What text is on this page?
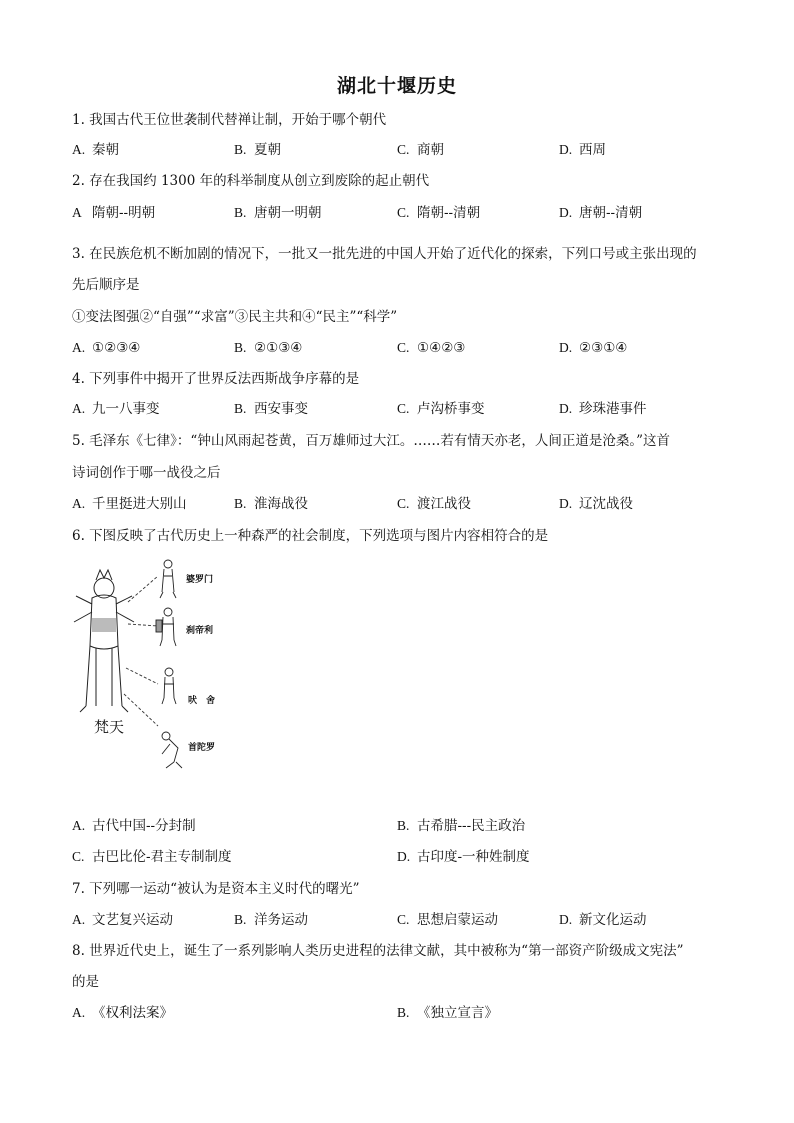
湖北十堰历史
1. 我国古代王位世袭制代替禅让制，开始于哪个朝代
A. 秦朝	B. 夏朝	C. 商朝	D. 西周
2. 存在我国约 1300 年的科举制度从创立到废除的起止朝代
A 隋朝--明朝	B. 唐朝一明朝	C. 隋朝--清朝	D. 唐朝--清朝
3. 在民族危机不断加剧的情况下，一批又一批先进的中国人开始了近代化的探索，下列口号或主张出现的
先后顺序是
①变法图强②“自强”“求富”③民主共和④“民主”“科学”
A. ①②③④	B. ②①③④	C. ①④②③	D. ②③①④
4. 下列事件中揭开了世界反法西斯战争序幕的是
A. 九一八事变	B. 西安事变	C. 卢沟桥事变	D. 珍珠港事件
5. 毛泽东《七律》：“钟山风雨起苍黄，百万雄师过大江。……若有情天亦老，人间正道是沧桑。”这首
诗词创作于哪一战役之后
A. 千里挺进大别山	B. 淮海战役	C. 渡江战役	D. 辽沈战役
6. 下图反映了古代历史上一种森严的社会制度，下列选项与图片内容相符合的是
婆罗门
刹帝利
吠　舍
首陀罗
梵天
A. 古代中国--分封制	B. 古希腊---民主政治
C. 古巴比伦-君主专制制度	D. 古印度-一种姓制度
7. 下列哪一运动“被认为是资本主义时代的曙光”
A. 文艺复兴运动	B. 洋务运动	C. 思想启蒙运动	D. 新文化运动
8. 世界近代史上，诞生了一系列影响人类历史进程的法律文献，其中被称为“第一部资产阶级成文宪法”
的是
A. 《权利法案》	B. 《独立宣言》
